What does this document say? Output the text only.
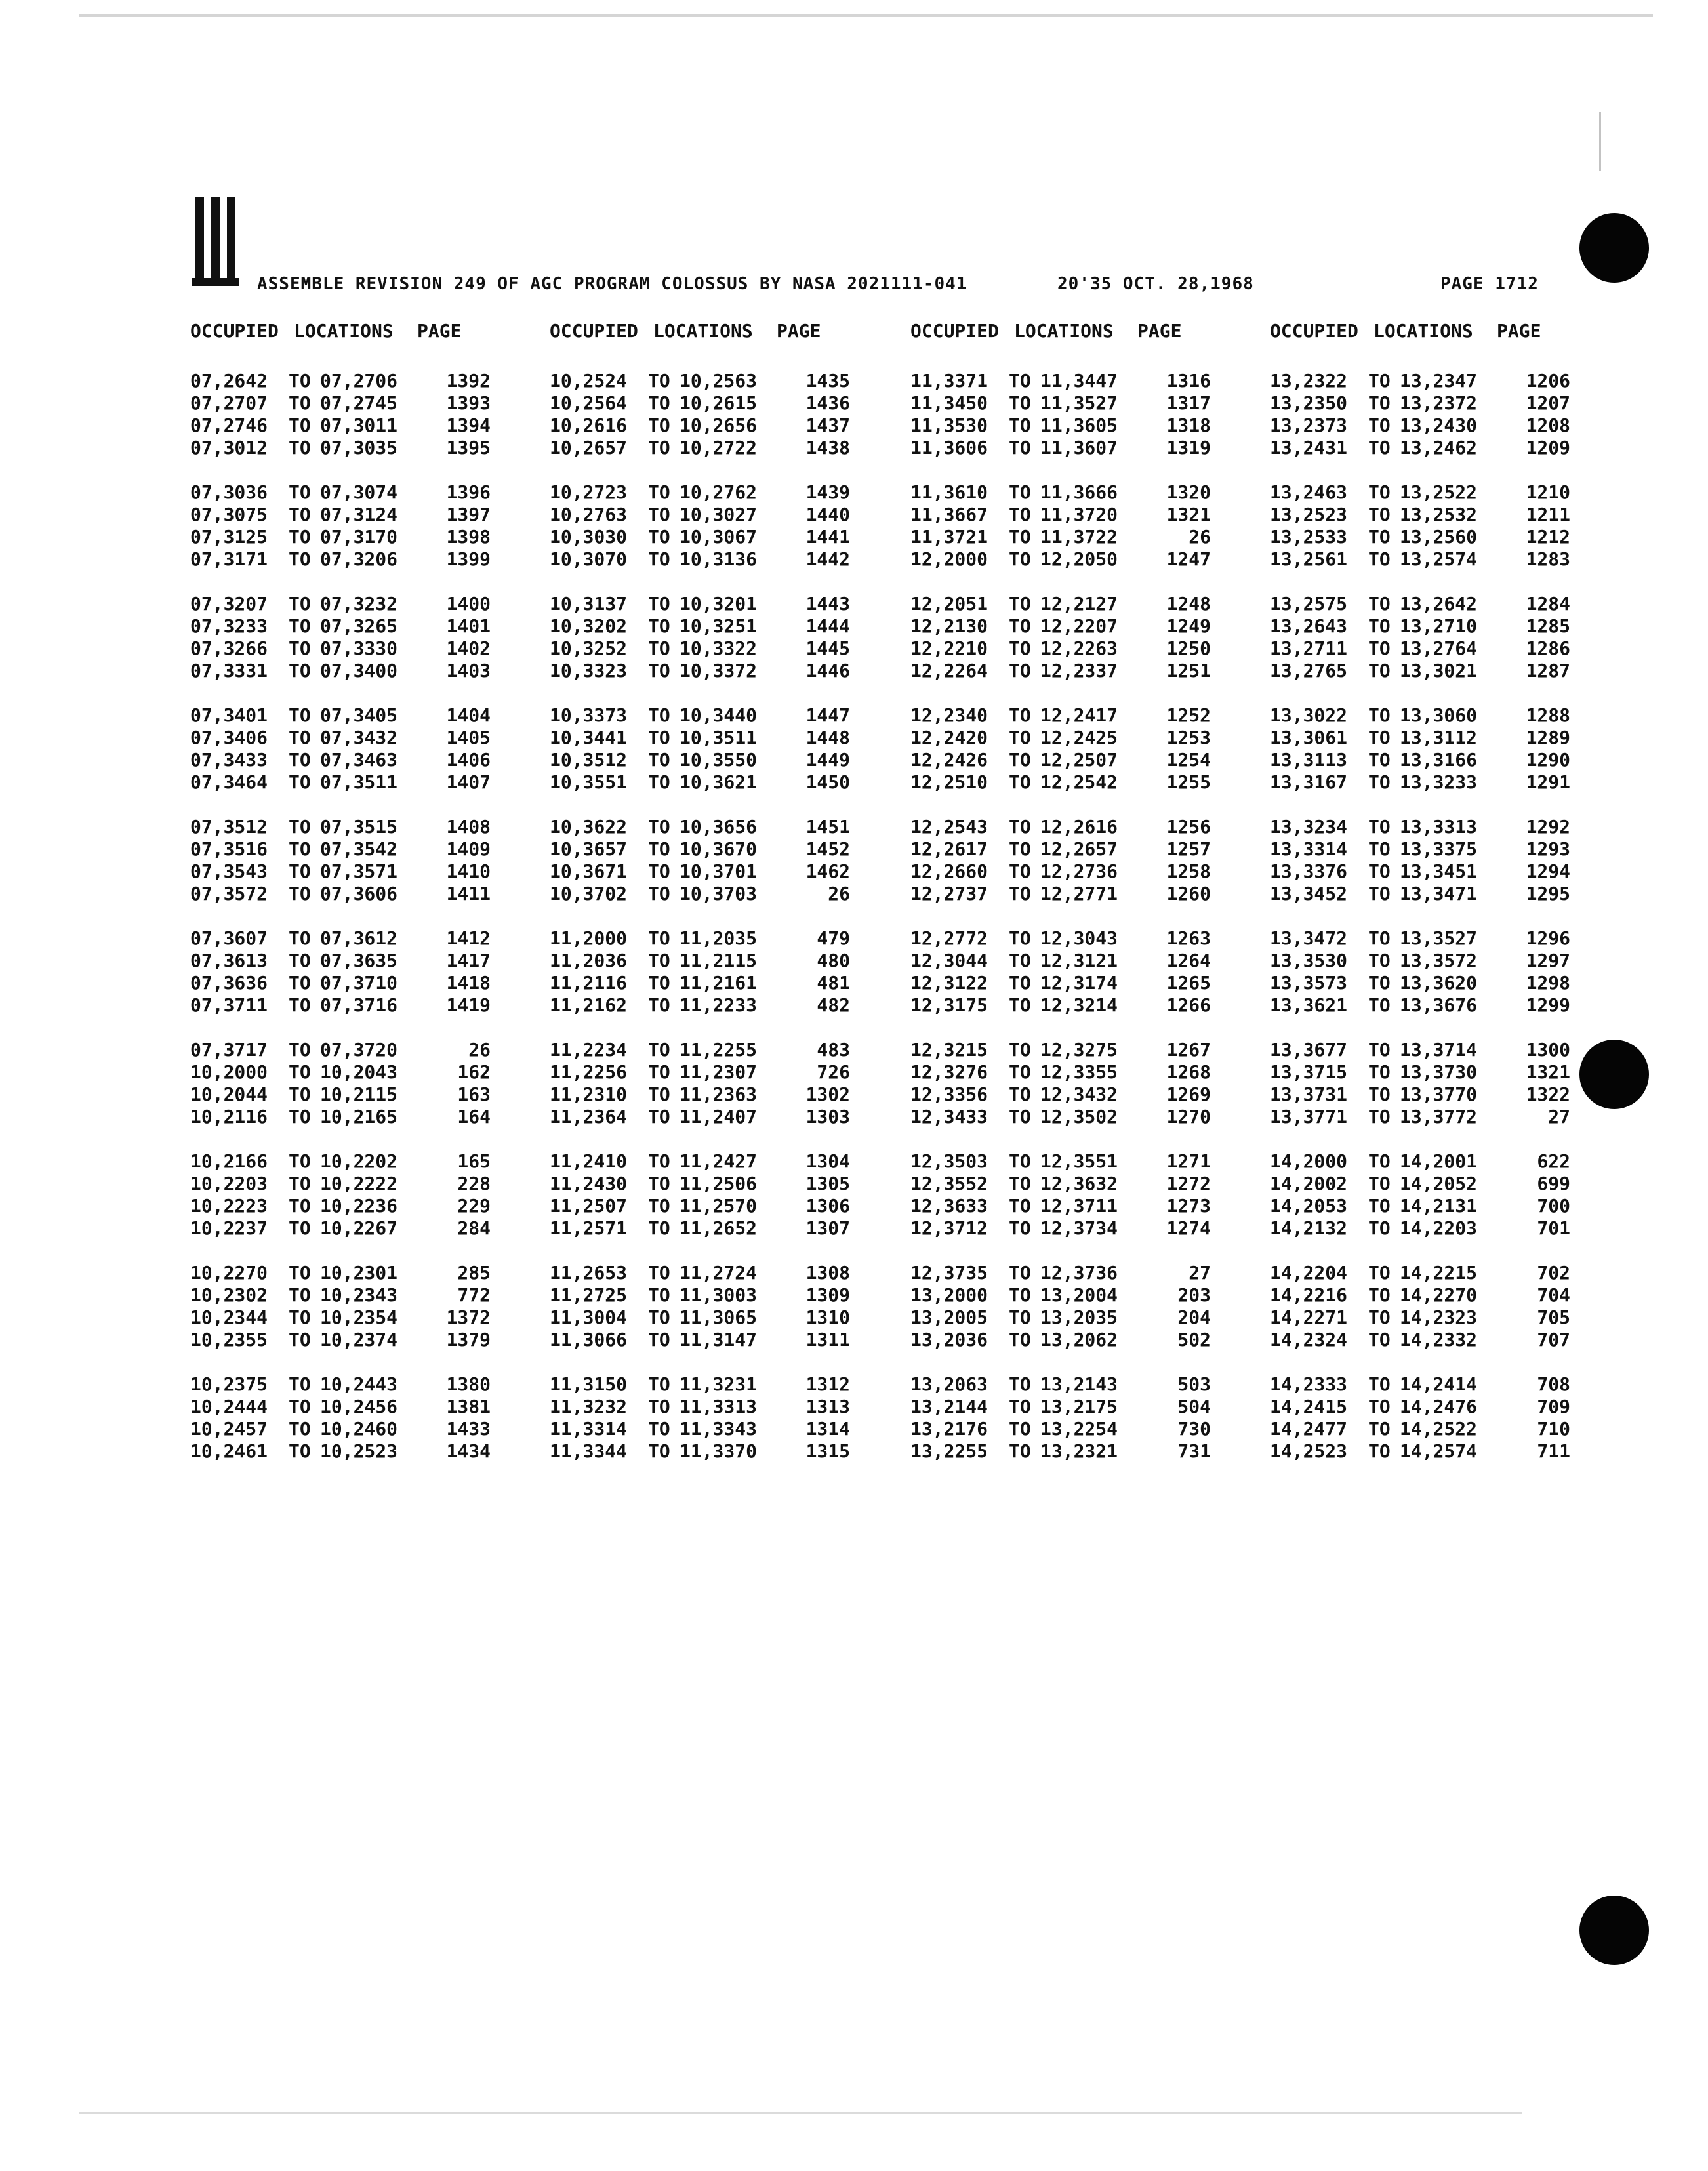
ASSEMBLE REVISION 249 OF AGC PROGRAM COLOSSUS BY NASA 2021111-041	20'35 OCT. 28,1968	PAGE 1712
OCCUPIED LOCATIONS PAGE
07,2642 TO 07,2706	1392
07,2707 TO 07,2745	1393
07,2746 TO 07,3011	1394
07,3012 TO 07,3035	1395
07,3036 TO 07,3074	1396
07,3075 TO 07,3124	1397
07,3125 TO 07,3170	1398
07,3171 TO 07,3206	1399
07,3207 TO 07,3232	1400
07,3233 TO 07,3265	1401
07,3266 TO 07,3330	1402
07,3331 TO 07,3400	1403
07,3401 TO 07,3405	1404
07,3406 TO 07,3432	1405
07,3433 TO 07,3463	1406
07,3464 TO 07,3511	1407
07,3512 TO 07,3515	1408
07,3516 TO 07,3542	1409
07,3543 TO 07,3571	1410
07,3572 TO 07,3606	1411
07,3607 TO 07,3612	1412
07,3613 TO 07,3635	1417
07,3636 TO 07,3710	1418
07,3711 TO 07,3716	1419
07,3717 TO 07,3720	26
10,2000 TO 10,2043	162
10,2044 TO 10,2115	163
10,2116 TO 10,2165	164
10,2166 TO 10,2202	165
10,2203 TO 10,2222	228
10,2223 TO 10,2236	229
10,2237 TO 10,2267	284
10,2270 TO 10,2301	285
10,2302 TO 10,2343	772
10,2344 TO 10,2354	1372
10,2355 TO 10,2374	1379
10,2375 TO 10,2443	1380
10,2444 TO 10,2456	1381
10,2457 TO 10,2460	1433
10,2461 TO 10,2523	1434
OCCUPIED LOCATIONS PAGE
10,2524 TO 10,2563	1435
10,2564 TO 10,2615	1436
10,2616 TO 10,2656	1437
10,2657 TO 10,2722	1438
10,2723 TO 10,2762	1439
10,2763 TO 10,3027	1440
10,3030 TO 10,3067	1441
10,3070 TO 10,3136	1442
10,3137 TO 10,3201	1443
10,3202 TO 10,3251	1444
10,3252 TO 10,3322	1445
10,3323 TO 10,3372	1446
10,3373 TO 10,3440	1447
10,3441 TO 10,3511	1448
10,3512 TO 10,3550	1449
10,3551 TO 10,3621	1450
10,3622 TO 10,3656	1451
10,3657 TO 10,3670	1452
10,3671 TO 10,3701	1462
10,3702 TO 10,3703	26
11,2000 TO 11,2035	479
11,2036 TO 11,2115	480
11,2116 TO 11,2161	481
11,2162 TO 11,2233	482
11,2234 TO 11,2255	483
11,2256 TO 11,2307	726
11,2310 TO 11,2363	1302
11,2364 TO 11,2407	1303
11,2410 TO 11,2427	1304
11,2430 TO 11,2506	1305
11,2507 TO 11,2570	1306
11,2571 TO 11,2652	1307
11,2653 TO 11,2724	1308
11,2725 TO 11,3003	1309
11,3004 TO 11,3065	1310
11,3066 TO 11,3147	1311
11,3150 TO 11,3231	1312
11,3232 TO 11,3313	1313
11,3314 TO 11,3343	1314
11,3344 TO 11,3370	1315
OCCUPIED LOCATIONS PAGE
11,3371 TO 11,3447	1316
11,3450 TO 11,3527	1317
11,3530 TO 11,3605	1318
11,3606 TO 11,3607	1319
11,3610 TO 11,3666	1320
11,3667 TO 11,3720	1321
11,3721 TO 11,3722	26
12,2000 TO 12,2050	1247
12,2051 TO 12,2127	1248
12,2130 TO 12,2207	1249
12,2210 TO 12,2263	1250
12,2264 TO 12,2337	1251
12,2340 TO 12,2417	1252
12,2420 TO 12,2425	1253
12,2426 TO 12,2507	1254
12,2510 TO 12,2542	1255
12,2543 TO 12,2616	1256
12,2617 TO 12,2657	1257
12,2660 TO 12,2736	1258
12,2737 TO 12,2771	1260
12,2772 TO 12,3043	1263
12,3044 TO 12,3121	1264
12,3122 TO 12,3174	1265
12,3175 TO 12,3214	1266
12,3215 TO 12,3275	1267
12,3276 TO 12,3355	1268
12,3356 TO 12,3432	1269
12,3433 TO 12,3502	1270
12,3503 TO 12,3551	1271
12,3552 TO 12,3632	1272
12,3633 TO 12,3711	1273
12,3712 TO 12,3734	1274
12,3735 TO 12,3736	27
13,2000 TO 13,2004	203
13,2005 TO 13,2035	204
13,2036 TO 13,2062	502
13,2063 TO 13,2143	503
13,2144 TO 13,2175	504
13,2176 TO 13,2254	730
13,2255 TO 13,2321	731
OCCUPIED LOCATIONS PAGE
13,2322 TO 13,2347	1206
13,2350 TO 13,2372	1207
13,2373 TO 13,2430	1208
13,2431 TO 13,2462	1209
13,2463 TO 13,2522	1210
13,2523 TO 13,2532	1211
13,2533 TO 13,2560	1212
13,2561 TO 13,2574	1283
13,2575 TO 13,2642	1284
13,2643 TO 13,2710	1285
13,2711 TO 13,2764	1286
13,2765 TO 13,3021	1287
13,3022 TO 13,3060	1288
13,3061 TO 13,3112	1289
13,3113 TO 13,3166	1290
13,3167 TO 13,3233	1291
13,3234 TO 13,3313	1292
13,3314 TO 13,3375	1293
13,3376 TO 13,3451	1294
13,3452 TO 13,3471	1295
13,3472 TO 13,3527	1296
13,3530 TO 13,3572	1297
13,3573 TO 13,3620	1298
13,3621 TO 13,3676	1299
13,3677 TO 13,3714	1300
13,3715 TO 13,3730	1321
13,3731 TO 13,3770	1322
13,3771 TO 13,3772	27
14,2000 TO 14,2001	622
14,2002 TO 14,2052	699
14,2053 TO 14,2131	700
14,2132 TO 14,2203	701
14,2204 TO 14,2215	702
14,2216 TO 14,2270	704
14,2271 TO 14,2323	705
14,2324 TO 14,2332	707
14,2333 TO 14,2414	708
14,2415 TO 14,2476	709
14,2477 TO 14,2522	710
14,2523 TO 14,2574	711
